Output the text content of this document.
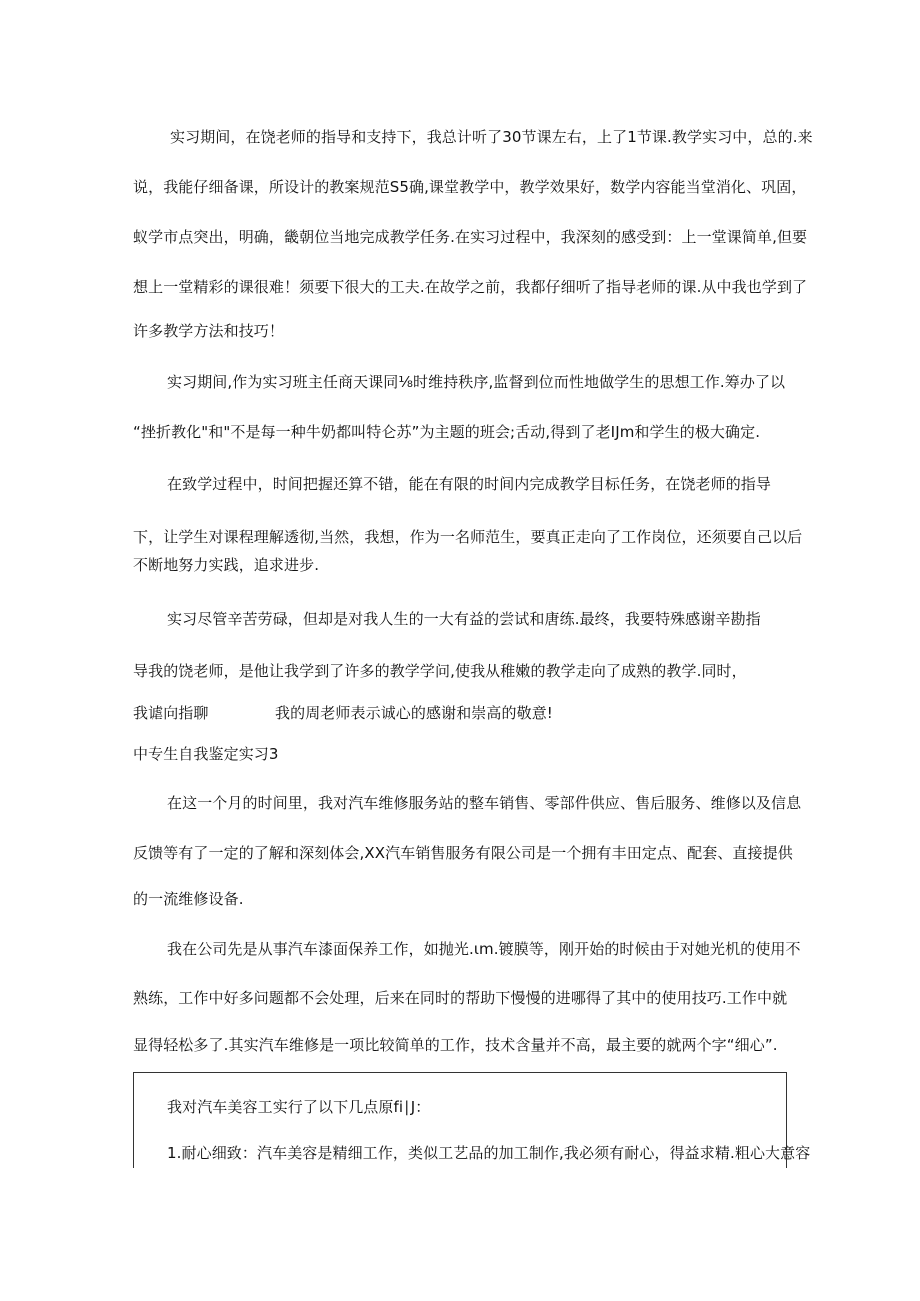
实习期间，在饶老师的指导和支持下，我总计听了30节课左右，上了1节课.教学实习中，总的.来
说，我能仔细备课，所设计的教案规范S5确,课堂教学中，教学效果好，数学内容能当堂消化、巩固，
蚁学市点突出，明确，畿朝位当地完成教学任务.在实习过程中，我深刻的感受到：上一堂课简单,但要
想上一堂精彩的课很难！须要下很大的工夫.在故学之前，我都仔细听了指导老师的课.从中我也学到了
许多教学方法和技巧！
实习期间,作为实习班主任商天课同⅛时维持秩序,监督到位而性地做学生的思想工作.筹办了以
“挫折教化"和"不是每一种牛奶都叫特仑苏”为主题的班会;舌动,得到了老IJm和学生的极大确定.
在致学过程中，时间把握还算不错，能在有限的时间内完成教学目标任务，在饶老师的指导
下，让学生对课程理解透彻,当然，我想，作为一名师范生，要真正走向了工作岗位，还须要自己以后
不断地努力实践，追求进步.
实习尽管辛苦劳碌，但却是对我人生的一大有益的尝试和唐练.最终，我要特殊感谢辛勘指
导我的饶老师，是他让我学到了许多的教学学问,使我从稚嫩的教学走向了成熟的教学.同时，
我谑向指聊	我的周老师表示诚心的感谢和崇高的敬意!
中专生自我鉴定实习3
在这一个月的时间里，我对汽车维修服务站的整车销售、零部件供应、售后服务、维修以及信息
反馈等有了一定的了解和深刻体会,XX汽车销售服务有限公司是一个拥有丰田定点、配套、直接提供
的一流维修设备.
我在公司先是从事汽车漆面保养工作，如抛光.ιm.镀膜等，刚开始的时候由于对她光机的使用不
熟练，工作中好多问题都不会处理，后来在同时的帮助下慢慢的进哪得了其中的使用技巧.工作中就
显得轻松多了.其实汽车维修是一项比较简单的工作，技术含量并不高，最主要的就两个字“细心”.
我对汽车美容工实行了以下几点原fi∣J：
1.耐心细致：汽车美容是精细工作，类似工艺品的加工制作,我必须有耐心，得益求精.粗心大意容
